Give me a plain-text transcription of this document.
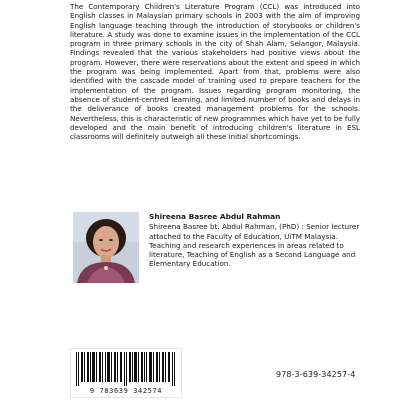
The Contemporary Children's Literature Program (CCL) was introduced into English classes in Malaysian primary schools in 2003 with the aim of improving English language teaching through the introduction of storybooks or children's literature. A study was done to examine issues in the implementation of the CCL program in three primary schools in the city of Shah Alam, Selangor, Malaysia. Findings revealed that the various stakeholders had positive views about the program. However, there were reservations about the extent and speed in which the program was being implemented. Apart from that, problems were also identified with the cascade model of training used to prepare teachers for the implementation of the program. Issues regarding program monitoring, the absence of student-centred learning, and limited number of books and delays in the deliverance of books created management problems for the schools. Nevertheless, this is characteristic of new programmes which have yet to be fully developed and the main benefit of introducing children's literature in ESL classrooms will definitely outweigh all these initial shortcomings.

Shireena Basree Abdul Rahman

Shireena Basree bt. Abdul Rahman, (PhD) : Senior lecturer attached to the Faculty of Education, UiTM Malaysia. Teaching and research experiences in areas related to literature, Teaching of English as a Second Language and Elementary Education.

9 783639 342574
978-3-639-34257-4
